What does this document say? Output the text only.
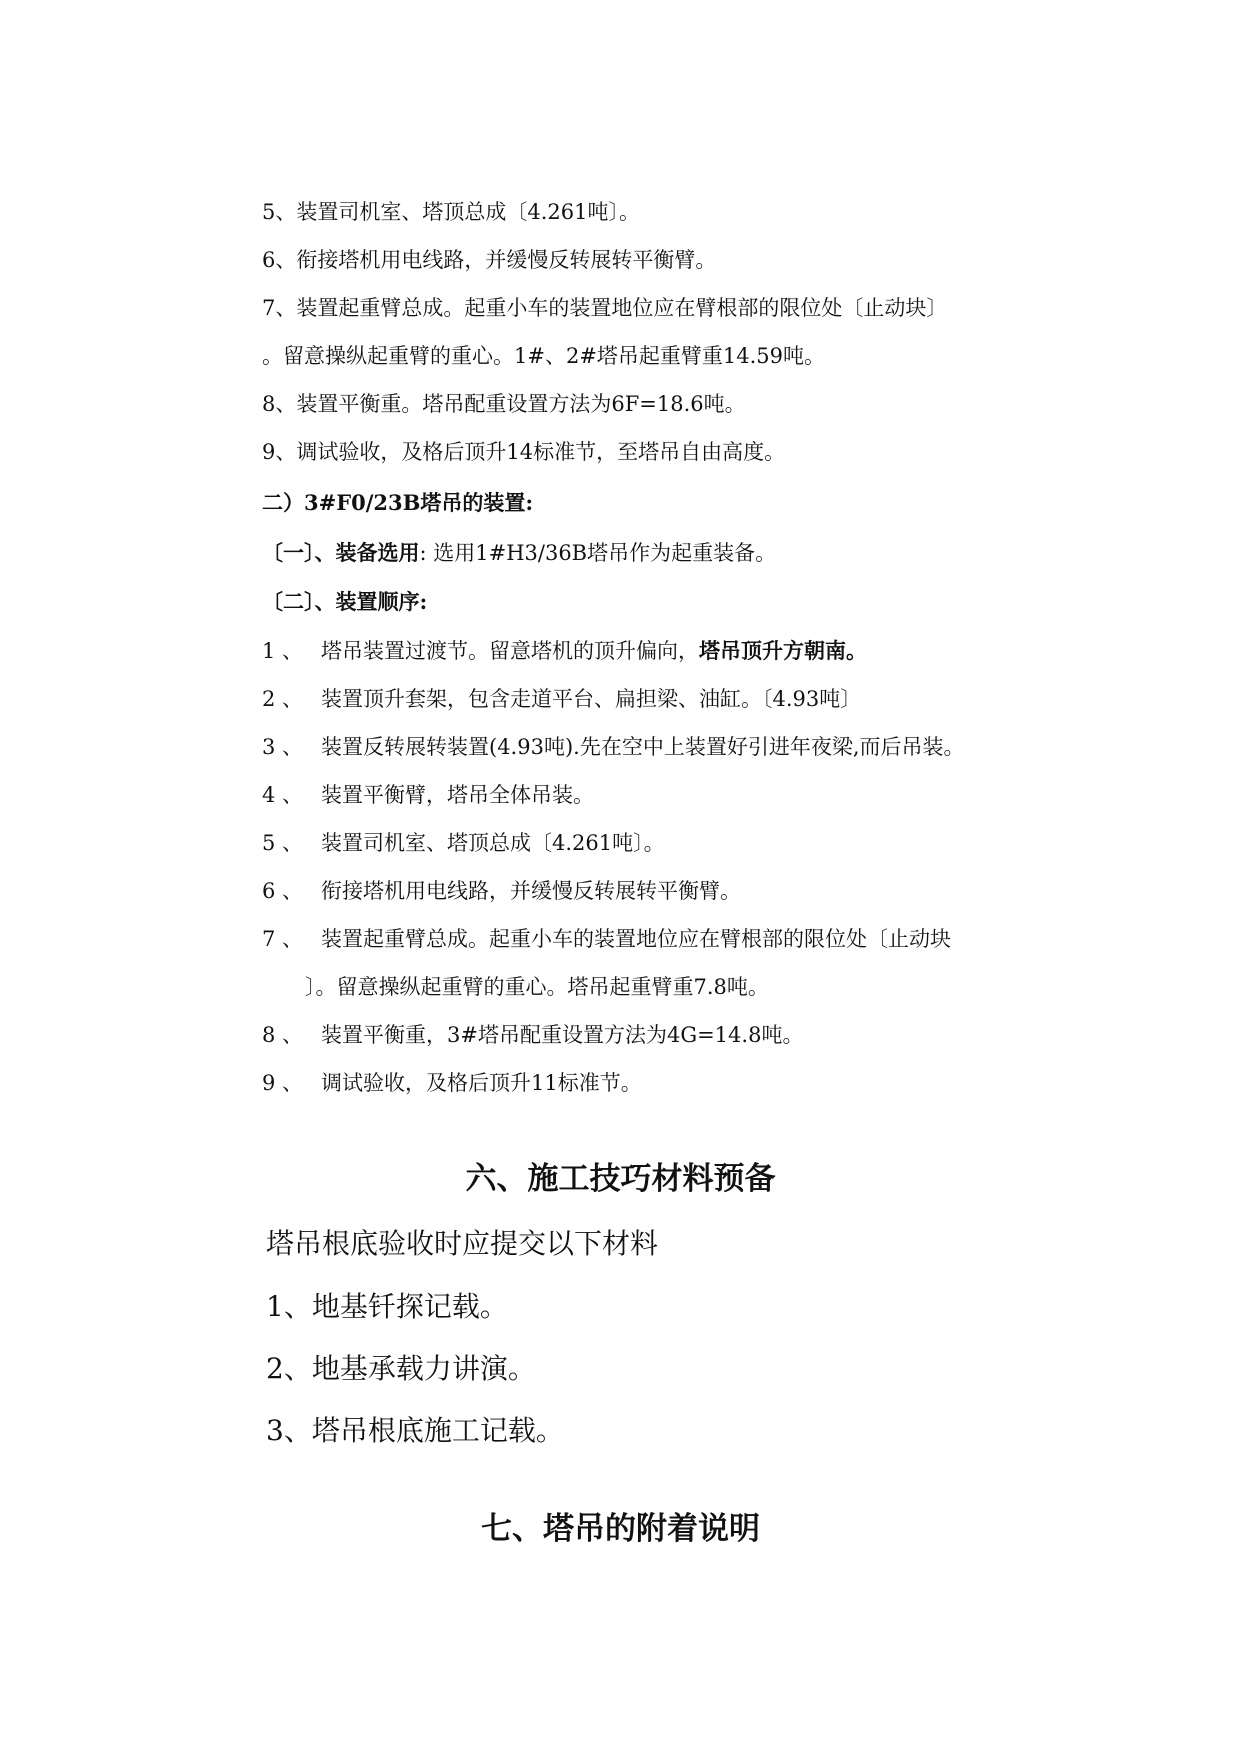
5、装置司机室、塔顶总成〔4.261吨〕。
6、衔接塔机用电线路，并缓慢反转展转平衡臂。
7、装置起重臂总成。起重小车的装置地位应在臂根部的限位处〔止动块〕
。留意操纵起重臂的重心。1#、2#塔吊起重臂重14.59吨。
8、装置平衡重。塔吊配重设置方法为6F=18.6吨。
9、调试验收，及格后顶升14标准节，至塔吊自由高度。
二）3#F0/23B塔吊的装置:
〔一〕、装备选用: 选用1#H3/36B塔吊作为起重装备。
〔二〕、装置顺序:
1 、 塔吊装置过渡节。留意塔机的顶升偏向，塔吊顶升方朝南。
2 、 装置顶升套架，包含走道平台、扁担梁、油缸。〔4.93吨〕
3 、 装置反转展转装置(4.93吨).先在空中上装置好引进年夜梁,而后吊装。
4 、 装置平衡臂，塔吊全体吊装。
5 、 装置司机室、塔顶总成〔4.261吨〕。
6 、 衔接塔机用电线路，并缓慢反转展转平衡臂。
7 、 装置起重臂总成。起重小车的装置地位应在臂根部的限位处〔止动块
〕。留意操纵起重臂的重心。塔吊起重臂重7.8吨。
8 、 装置平衡重，3#塔吊配重设置方法为4G=14.8吨。
9 、 调试验收，及格后顶升11标准节。
六、施工技巧材料预备
塔吊根底验收时应提交以下材料
1、地基钎探记载。
2、地基承载力讲演。
3、塔吊根底施工记载。
七、塔吊的附着说明
